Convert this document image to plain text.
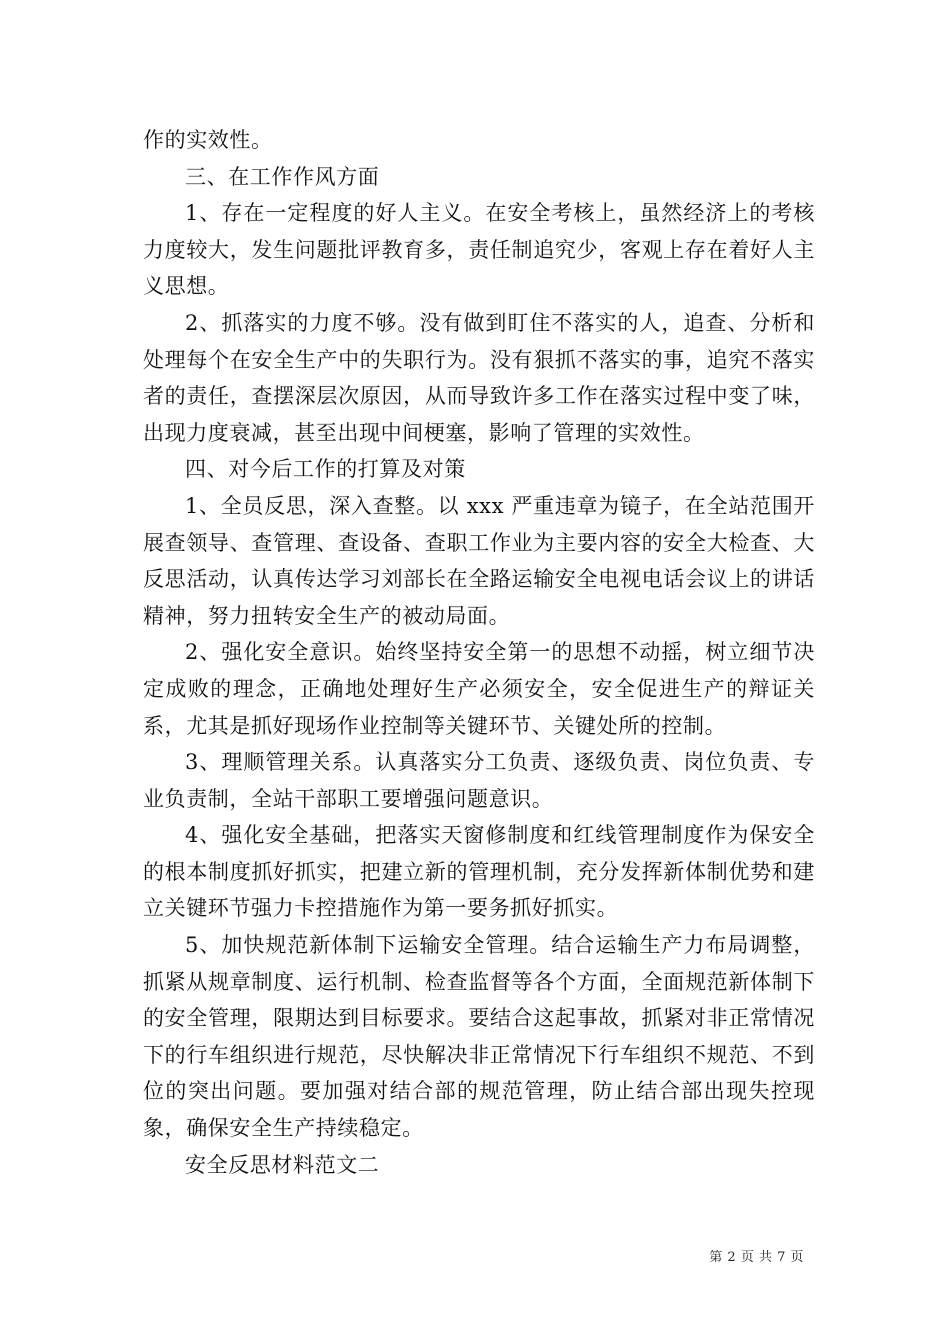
作的实效性。

三、在工作作风方面

1、存在一定程度的好人主义。在安全考核上，虽然经济上的考核力度较大，发生问题批评教育多，责任制追究少，客观上存在着好人主义思想。

2、抓落实的力度不够。没有做到盯住不落实的人，追查、分析和处理每个在安全生产中的失职行为。没有狠抓不落实的事，追究不落实者的责任，查摆深层次原因，从而导致许多工作在落实过程中变了味，出现力度衰减，甚至出现中间梗塞，影响了管理的实效性。

四、对今后工作的打算及对策

1、全员反思，深入查整。以 xxx 严重违章为镜子，在全站范围开展查领导、查管理、查设备、查职工作业为主要内容的安全大检查、大反思活动，认真传达学习刘部长在全路运输安全电视电话会议上的讲话精神，努力扭转安全生产的被动局面。

2、强化安全意识。始终坚持安全第一的思想不动摇，树立细节决定成败的理念，正确地处理好生产必须安全，安全促进生产的辩证关系，尤其是抓好现场作业控制等关键环节、关键处所的控制。

3、理顺管理关系。认真落实分工负责、逐级负责、岗位负责、专业负责制，全站干部职工要增强问题意识。

4、强化安全基础，把落实天窗修制度和红线管理制度作为保安全的根本制度抓好抓实，把建立新的管理机制，充分发挥新体制优势和建立关键环节强力卡控措施作为第一要务抓好抓实。

5、加快规范新体制下运输安全管理。结合运输生产力布局调整，抓紧从规章制度、运行机制、检查监督等各个方面，全面规范新体制下的安全管理，限期达到目标要求。要结合这起事故，抓紧对非正常情况下的行车组织进行规范，尽快解决非正常情况下行车组织不规范、不到位的突出问题。要加强对结合部的规范管理，防止结合部出现失控现象，确保安全生产持续稳定。

安全反思材料范文二

第 2 页 共 7 页
